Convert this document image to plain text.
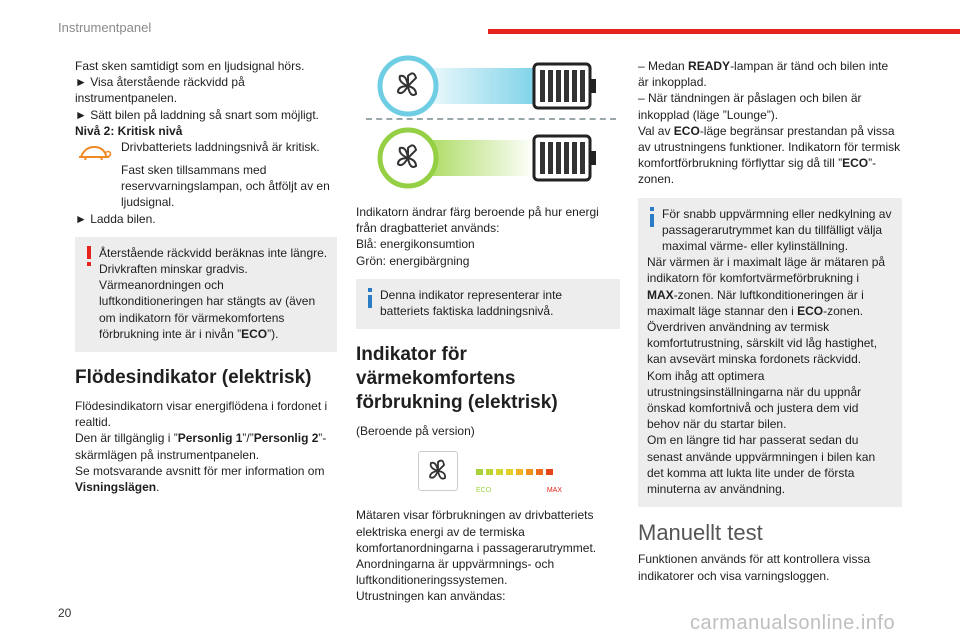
Instrumentpanel

Fast sken samtidigt som en ljudsignal hörs.

► Visa återstående räckvidd på instrumentpanelen.

► Sätt bilen på laddning så snart som möjligt.

Nivå 2: Kritisk nivå

Drivbatteriets laddningsnivå är kritisk.

Fast sken tillsammans med reservvarningslampan, och åtföljt av en ljudsignal.

► Ladda bilen.

Återstående räckvidd beräknas inte längre. Drivkraften minskar gradvis. Värmeanordningen och luftkonditioneringen har stängts av (även om indikatorn för värmekomfortens förbrukning inte är i nivån ”ECO”).

Flödesindikator (elektrisk)

Flödesindikatorn visar energiflödena i fordonet i realtid.

Den är tillgänglig i ”Personlig 1”/”Personlig 2”-skärmlägen på instrumentpanelen.

Se motsvarande avsnitt för mer information om Visningslägen.

Indikatorn ändrar färg beroende på hur energi från dragbatteriet används:

Blå: energikonsumtion

Grön: energibärgning

Denna indikator representerar inte batteriets faktiska laddningsnivå.

Indikator för värmekomfortens förbrukning (elektrisk)

(Beroende på version)

ECO	MAX

Mätaren visar förbrukningen av drivbatteriets elektriska energi av de termiska komfortanordningarna i passagerarutrymmet.

Anordningarna är uppvärmnings- och luftkonditioneringssystemen.

Utrustningen kan användas:

– Medan READY-lampan är tänd och bilen inte är inkopplad.

– När tändningen är påslagen och bilen är inkopplad (läge ”Lounge”).

Val av ECO-läge begränsar prestandan på vissa av utrustningens funktioner. Indikatorn för termisk komfortförbrukning förflyttar sig då till ”ECO”-zonen.

För snabb uppvärmning eller nedkylning av passagerarutrymmet kan du tillfälligt välja maximal värme- eller kylinställning.

När värmen är i maximalt läge är mätaren på indikatorn för komfortvärmeförbrukning i MAX-zonen. När luftkonditioneringen är i maximalt läge stannar den i ECO-zonen.

Överdriven användning av termisk komfortutrustning, särskilt vid låg hastighet, kan avsevärt minska fordonets räckvidd.

Kom ihåg att optimera utrustningsinställningarna när du uppnår önskad komfortnivå och justera dem vid behov när du startar bilen.

Om en längre tid har passerat sedan du senast använde uppvärmningen i bilen kan det komma att lukta lite under de första minuterna av användning.

Manuellt test

Funktionen används för att kontrollera vissa indikatorer och visa varningsloggen.

20	carmanualsonline.info
